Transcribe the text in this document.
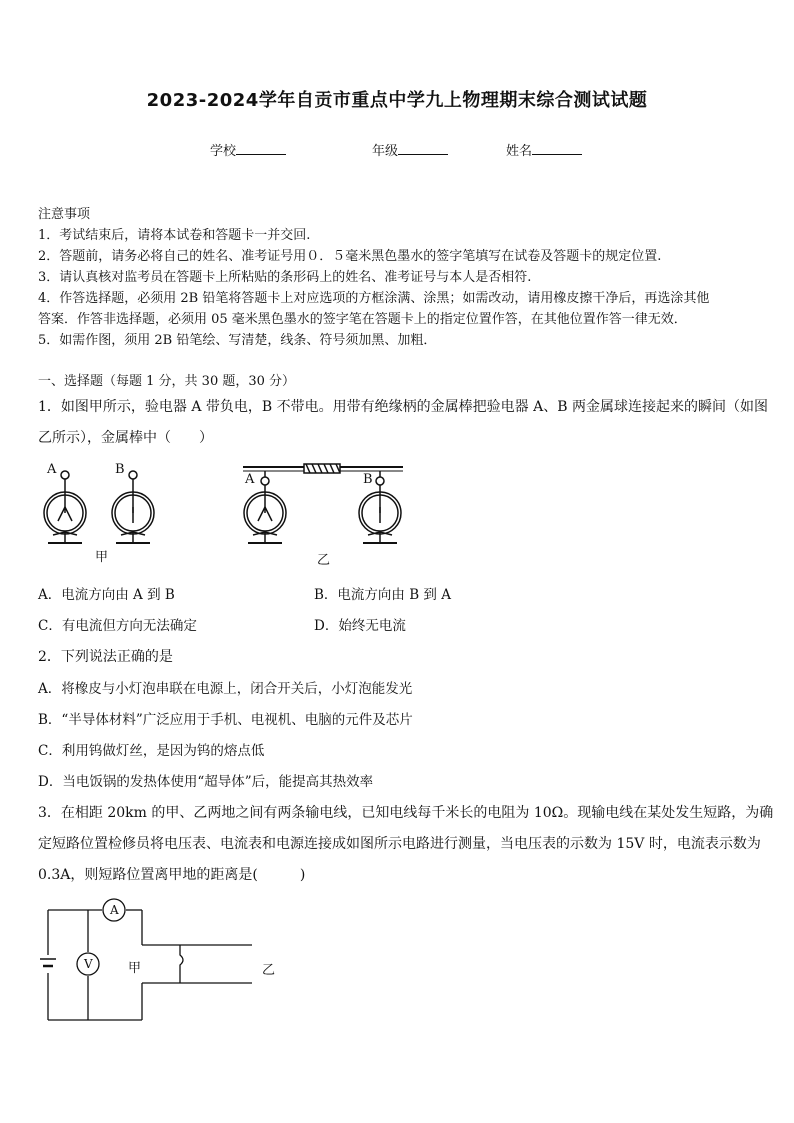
2023-2024学年自贡市重点中学九上物理期末综合测试试题
学校	年级	姓名
注意事项
1．考试结束后，请将本试卷和答题卡一并交回.
2．答题前，请务必将自己的姓名、准考证号用０．５毫米黑色墨水的签字笔填写在试卷及答题卡的规定位置.
3．请认真核对监考员在答题卡上所粘贴的条形码上的姓名、准考证号与本人是否相符.
4．作答选择题，必须用 2B 铅笔将答题卡上对应选项的方框涂满、涂黑；如需改动，请用橡皮擦干净后，再选涂其他
答案．作答非选择题，必须用 05 毫米黑色墨水的签字笔在答题卡上的指定位置作答，在其他位置作答一律无效．
5．如需作图，须用 2B 铅笔绘、写清楚，线条、符号须加黑、加粗．
一、选择题（每题 1 分，共 30 题，30 分）
1．如图甲所示，验电器 A 带负电，B 不带电。用带有绝缘柄的金属棒把验电器 A、B 两金属球连接起来的瞬间（如图
乙所示），金属棒中（　　）
A	B
A	B
甲	乙
A．电流方向由 A 到 B	B．电流方向由 B 到 A
C．有电流但方向无法确定	D．始终无电流
2．下列说法正确的是
A．将橡皮与小灯泡串联在电源上，闭合开关后，小灯泡能发光
B．“半导体材料”广泛应用于手机、电视机、电脑的元件及芯片
C．利用钨做灯丝，是因为钨的熔点低
D．当电饭锅的发热体使用“超导体”后，能提高其热效率
3．在相距 20km 的甲、乙两地之间有两条输电线，已知电线每千米长的电阻为 10Ω。现输电线在某处发生短路，为确
定短路位置检修员将电压表、电流表和电源连接成如图所示电路进行测量，当电压表的示数为 15V 时，电流表示数为
0.3A，则短路位置离甲地的距离是(　　　)
A
V	甲	乙
